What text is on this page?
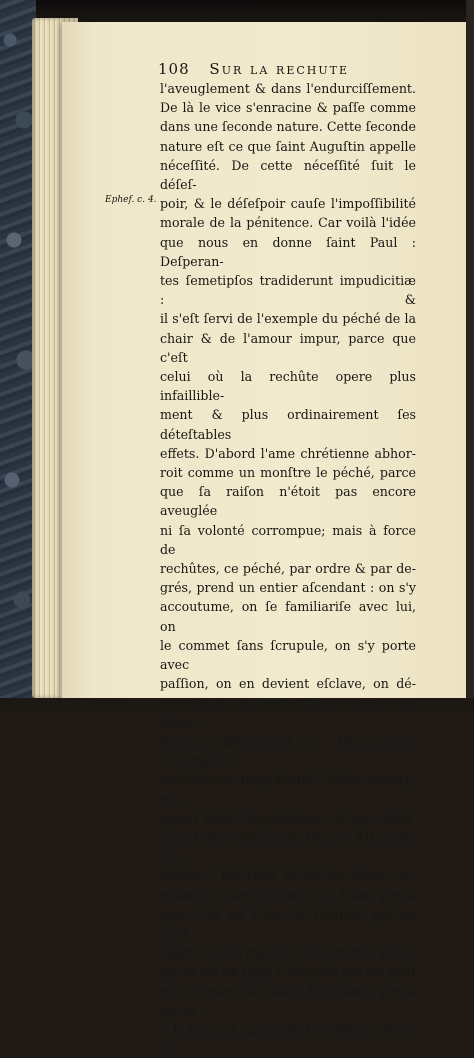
108 Sur la rechute
Ephef. c. 4.
l'aveuglement & dans l'endurciſſement.
De là le vice s'enracine & paſſe comme
dans une ſeconde nature. Cette ſeconde
nature eſt ce que ſaint Auguſtin appelle
néceſſité. De cette néceſſité ſuit le déſeſ-
poir, & le déſeſpoir cauſe l'impoſſibilité
morale de la pénitence. Car voilà l'idée
que nous en donne ſaint Paul : Deſperan-
tes ſemetipſos tradiderunt impudicitiæ : &
il s'eſt ſervi de l'exemple du péché de la
chair & de l'amour impur, parce que c'eſt
celui où la rechûte opere plus infaillible-
ment & plus ordinairement ſes déteſtables
effets. D'abord l'ame chrétienne abhor-
roit comme un monſtre le péché, parce
que ſa raiſon n'étoit pas encore aveuglée
ni ſa volonté corrompue; mais à force de
rechûtes, ce péché, par ordre & par de-
grés, prend un entier aſcendant : on s'y
accoutume, on ſe familiariſe avec lui, on
le commet ſans ſcrupule, on s'y porte avec
paſſion, on en devient eſclave, on dé-
ſeſpere de le pouvoir vaincre, on s'y aban-
donne abſolument : Deſperantes ſemetipſos
tradiderunt impudicitiæ. Mais encore, re-
prend ſaint Chryſoſtôme, de qui déſeſ-
pere-t-on ? Eſt-ce de Dieu ? Eſt-ce de ſoi-
même ? De Dieu & de ſoi-même, re-
prend ce ſaint docteur. De Dieu, parce
que c'eſt un Dieu de ſainteté qui ne peut
approuver le mal; & de ſoi-même, parce
qu'on eſt un ſujet d'iniquité qui ne peut
plus aimer le bien. De Dieu, parce qu'on
a ſi ſouvent abuſé de ſa miſéricorde & de
